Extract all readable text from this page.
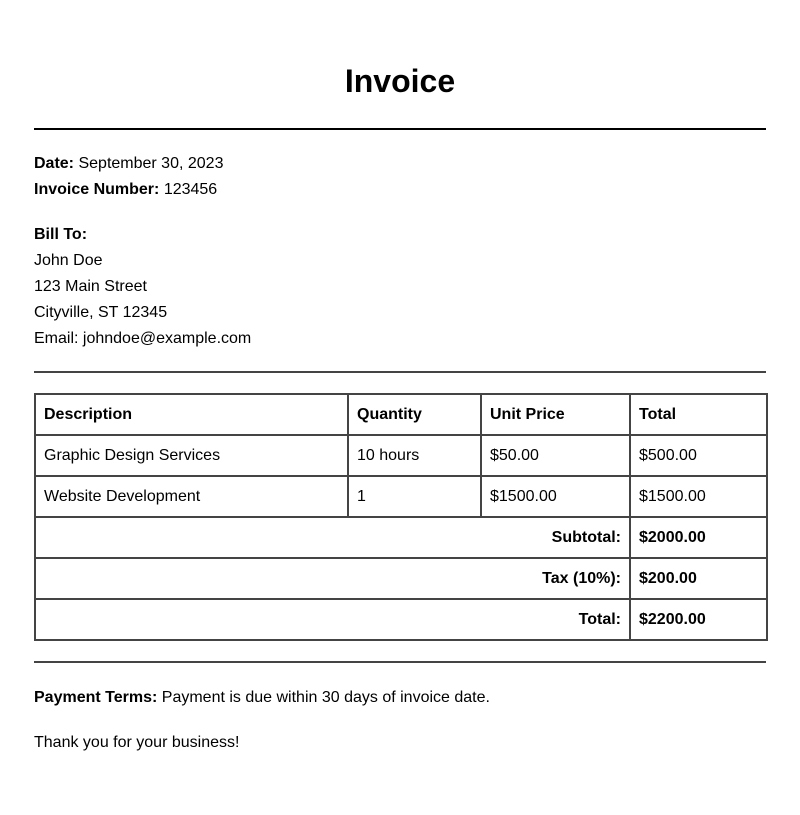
Invoice
Date: September 30, 2023
Invoice Number: 123456
Bill To:
John Doe
123 Main Street
Cityville, ST 12345
Email: johndoe@example.com
Description	Quantity	Unit Price	Total
Graphic Design Services	10 hours	$50.00	$500.00
Website Development	1	$1500.00	$1500.00
Subtotal:			$2000.00
Tax (10%):			$200.00
Total:			$2200.00
Payment Terms: Payment is due within 30 days of invoice date.
Thank you for your business!
